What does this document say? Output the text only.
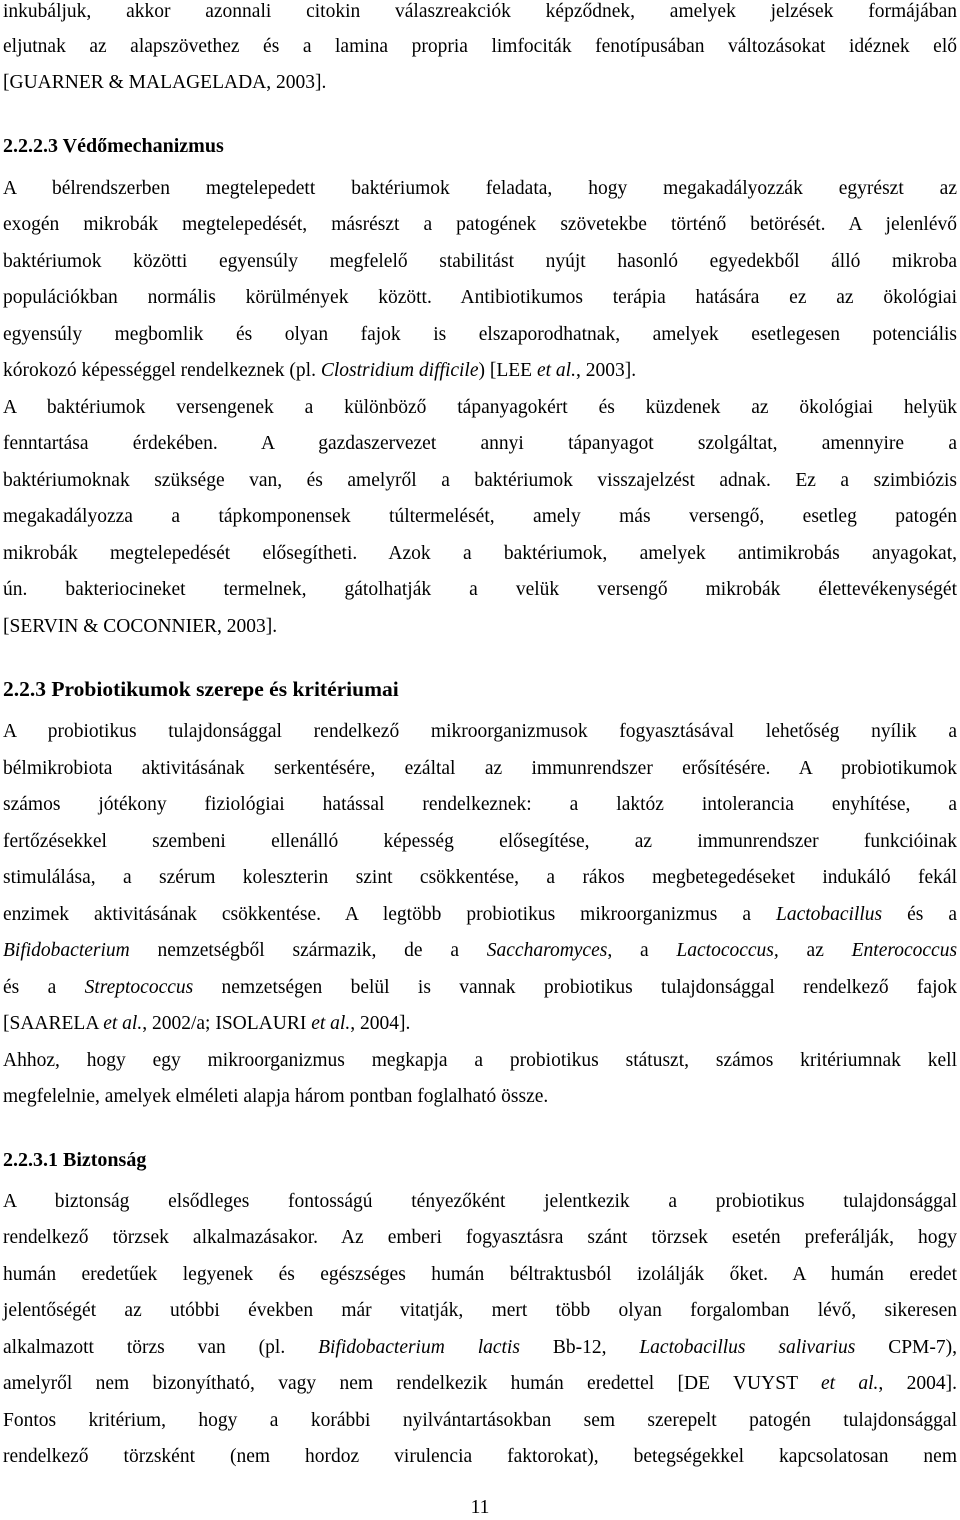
inkubáljuk, akkor azonnali citokin válaszreakciók képződnek, amelyek jelzések formájában
eljutnak az alapszövethez és a lamina propria limfociták fenotípusában változásokat idéznek elő
[GUARNER & MALAGELADA, 2003].
2.2.2.3 Védőmechanizmus
A bélrendszerben megtelepedett baktériumok feladata, hogy megakadályozzák egyrészt az
exogén mikrobák megtelepedését, másrészt a patogének szövetekbe történő betörését. A jelenlévő
baktériumok közötti egyensúly megfelelő stabilitást nyújt hasonló egyedekből álló mikroba
populációkban normális körülmények között. Antibiotikumos terápia hatására ez az ökológiai
egyensúly megbomlik és olyan fajok is elszaporodhatnak, amelyek esetlegesen potenciális
kórokozó képességgel rendelkeznek (pl. Clostridium difficile) [LEE et al., 2003].
A baktériumok versengenek a különböző tápanyagokért és küzdenek az ökológiai helyük
fenntartása érdekében. A gazdaszervezet annyi tápanyagot szolgáltat, amennyire a
baktériumoknak szüksége van, és amelyről a baktériumok visszajelzést adnak. Ez a szimbiózis
megakadályozza a tápkomponensek túltermelését, amely más versengő, esetleg patogén
mikrobák megtelepedését elősegítheti. Azok a baktériumok, amelyek antimikrobás anyagokat,
ún. bakteriocineket termelnek, gátolhatják a velük versengő mikrobák élettevékenységét
[SERVIN & COCONNIER, 2003].
2.2.3 Probiotikumok szerepe és kritériumai
A probiotikus tulajdonsággal rendelkező mikroorganizmusok fogyasztásával lehetőség nyílik a
bélmikrobiota aktivitásának serkentésére, ezáltal az immunrendszer erősítésére. A probiotikumok
számos jótékony fiziológiai hatással rendelkeznek: a laktóz intolerancia enyhítése, a
fertőzésekkel szembeni ellenálló képesség elősegítése, az immunrendszer funkcióinak
stimulálása, a szérum koleszterin szint csökkentése, a rákos megbetegedéseket indukáló fekál
enzimek aktivitásának csökkentése. A legtöbb probiotikus mikroorganizmus a Lactobacillus és a
Bifidobacterium nemzetségből származik, de a Saccharomyces, a Lactococcus, az Enterococcus
és a Streptococcus nemzetségen belül is vannak probiotikus tulajdonsággal rendelkező fajok
[SAARELA et al., 2002/a; ISOLAURI et al., 2004].
Ahhoz, hogy egy mikroorganizmus megkapja a probiotikus státuszt, számos kritériumnak kell
megfelelnie, amelyek elméleti alapja három pontban foglalható össze.
2.2.3.1 Biztonság
A biztonság elsődleges fontosságú tényezőként jelentkezik a probiotikus tulajdonsággal
rendelkező törzsek alkalmazásakor. Az emberi fogyasztásra szánt törzsek esetén preferálják, hogy
humán eredetűek legyenek és egészséges humán béltraktusból izolálják őket. A humán eredet
jelentőségét az utóbbi években már vitatják, mert több olyan forgalomban lévő, sikeresen
alkalmazott törzs van (pl. Bifidobacterium lactis Bb-12, Lactobacillus salivarius CPM-7),
amelyről nem bizonyítható, vagy nem rendelkezik humán eredettel [DE VUYST et al., 2004].
Fontos kritérium, hogy a korábbi nyilvántartásokban sem szerepelt patogén tulajdonsággal
rendelkező törzsként (nem hordoz virulencia faktorokat), betegségekkel kapcsolatosan nem
11
